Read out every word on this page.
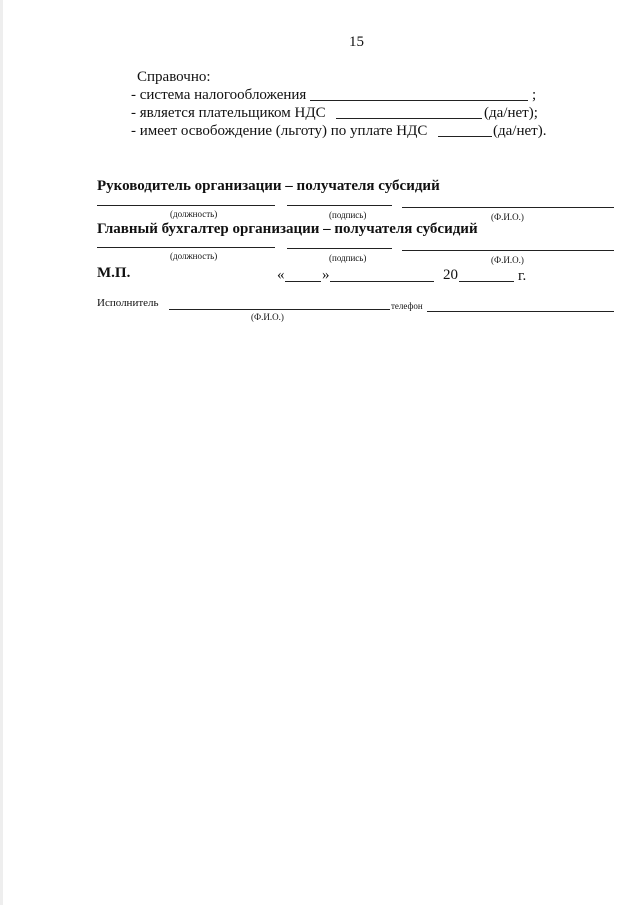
15
Справочно:
- система налогообложения	;
- является плательщиком НДС	(да/нет);
- имеет освобождение (льготу) по уплате НДС	(да/нет).
Руководитель организации – получателя субсидий
(должность)	(подпись)	(Ф.И.О.)
Главный бухгалтер организации – получателя субсидий
(должность)	(подпись)	(Ф.И.О.)
М.П.	«	»	20	г.
Исполнитель
(Ф.И.О.)
телефон
